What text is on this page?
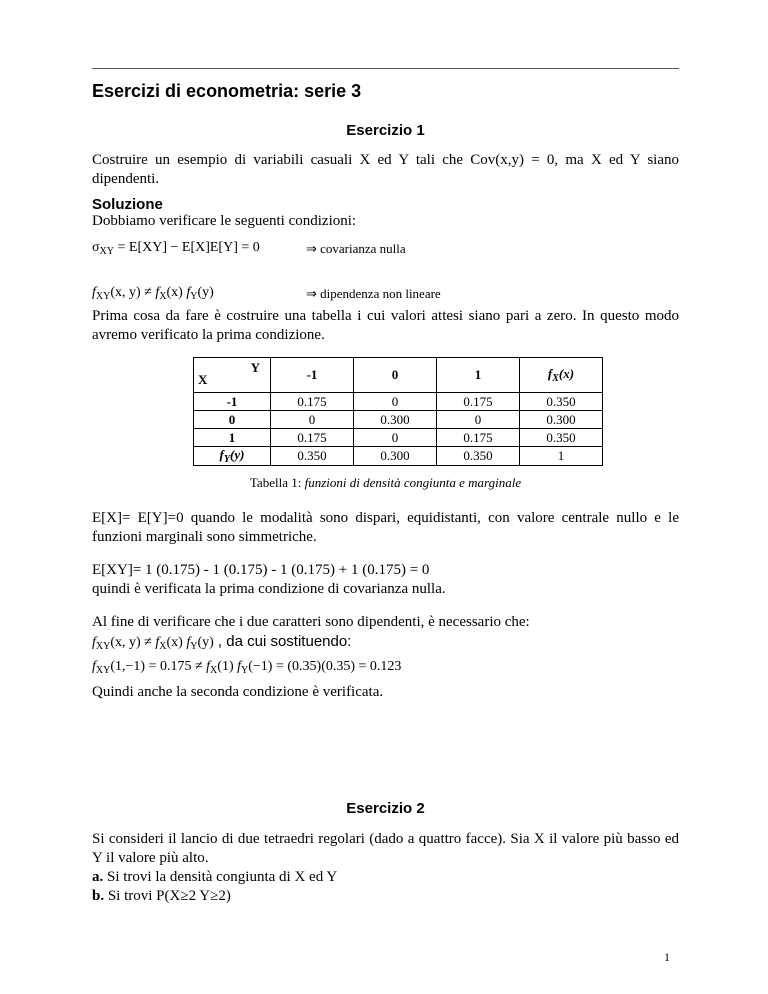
Esercizi di econometria: serie 3
Esercizio 1
Costruire un esempio di variabili casuali X ed Y tali che Cov(x,y) = 0, ma X ed Y siano dipendenti.
Soluzione
Dobbiamo verificare le seguenti condizioni:
$\sigma_{XY} = E[XY] - E[X]E[Y] = 0$	⇒ covarianza nulla
$f_{XY}(x$, $y) \ne f_X(x)$ $f_Y(y)$	⇒ dipendenza non lineare
Prima cosa da fare è costruire una tabella i cui valori attesi siano pari a zero. In questo modo avremo verificato la prima condizione.
Y
X	-1	0	1	$f_X(x)$
-1	0.175	0	0.175	0.350
0	0	0.300	0	0.300
1	0.175	0	0.175	0.350
$f_Y(y)$	0.350	0.300	0.350	1
Tabella 1: funzioni di densità congiunta e marginale
E[X]= E[Y]=0 quando le modalità sono dispari, equidistanti, con valore centrale nullo e le funzioni marginali sono simmetriche.
E[XY]= 1 (0.175) - 1 (0.175) - 1 (0.175) + 1 (0.175) = 0
quindi è verificata la prima condizione di covarianza nulla.
Al fine di verificare che i due caratteri sono dipendenti, è necessario che:
$f_{XY}(x$, $y) \ne f_X(x)$ $f_Y(y)$ , da cui sostituendo:
$f_{XY}(1,-1) = 0.175 \ne f_X(1) f_Y(-1) = (0.35)(0.35) = 0.123$
Quindi anche la seconda condizione è verificata.
Esercizio 2
Si consideri il lancio di due tetraedri regolari (dado a quattro facce). Sia X il valore più basso ed Y il valore più alto.
a. Si trovi la densità congiunta di X ed Y
b. Si trovi P(X≥2 Y≥2)
1
